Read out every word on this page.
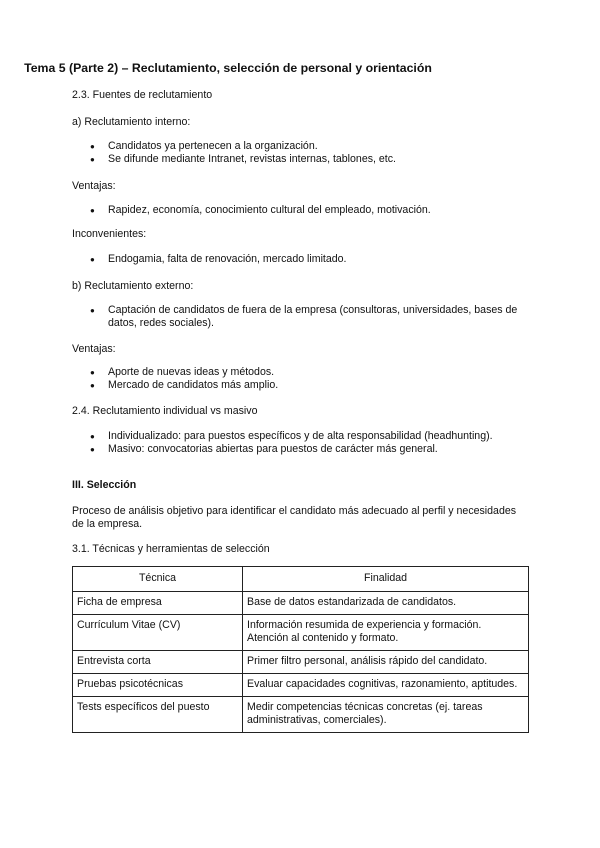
Tema 5 (Parte 2) – Reclutamiento, selección de personal y orientación

2.3. Fuentes de reclutamiento

a) Reclutamiento interno:

● Candidatos ya pertenecen a la organización.
● Se difunde mediante Intranet, revistas internas, tablones, etc.

Ventajas:

● Rapidez, economía, conocimiento cultural del empleado, motivación.

Inconvenientes:

● Endogamia, falta de renovación, mercado limitado.

b) Reclutamiento externo:

● Captación de candidatos de fuera de la empresa (consultoras, universidades, bases de datos, redes sociales).

Ventajas:

● Aporte de nuevas ideas y métodos.
● Mercado de candidatos más amplio.

2.4. Reclutamiento individual vs masivo

● Individualizado: para puestos específicos y de alta responsabilidad (headhunting).
● Masivo: convocatorias abiertas para puestos de carácter más general.

III. Selección

Proceso de análisis objetivo para identificar el candidato más adecuado al perfil y necesidades de la empresa.

3.1. Técnicas y herramientas de selección

Técnica	Finalidad
Ficha de empresa	Base de datos estandarizada de candidatos.
Currículum Vitae (CV)	Información resumida de experiencia y formación. Atención al contenido y formato.
Entrevista corta	Primer filtro personal, análisis rápido del candidato.
Pruebas psicotécnicas	Evaluar capacidades cognitivas, razonamiento, aptitudes.
Tests específicos del puesto	Medir competencias técnicas concretas (ej. tareas administrativas, comerciales).
